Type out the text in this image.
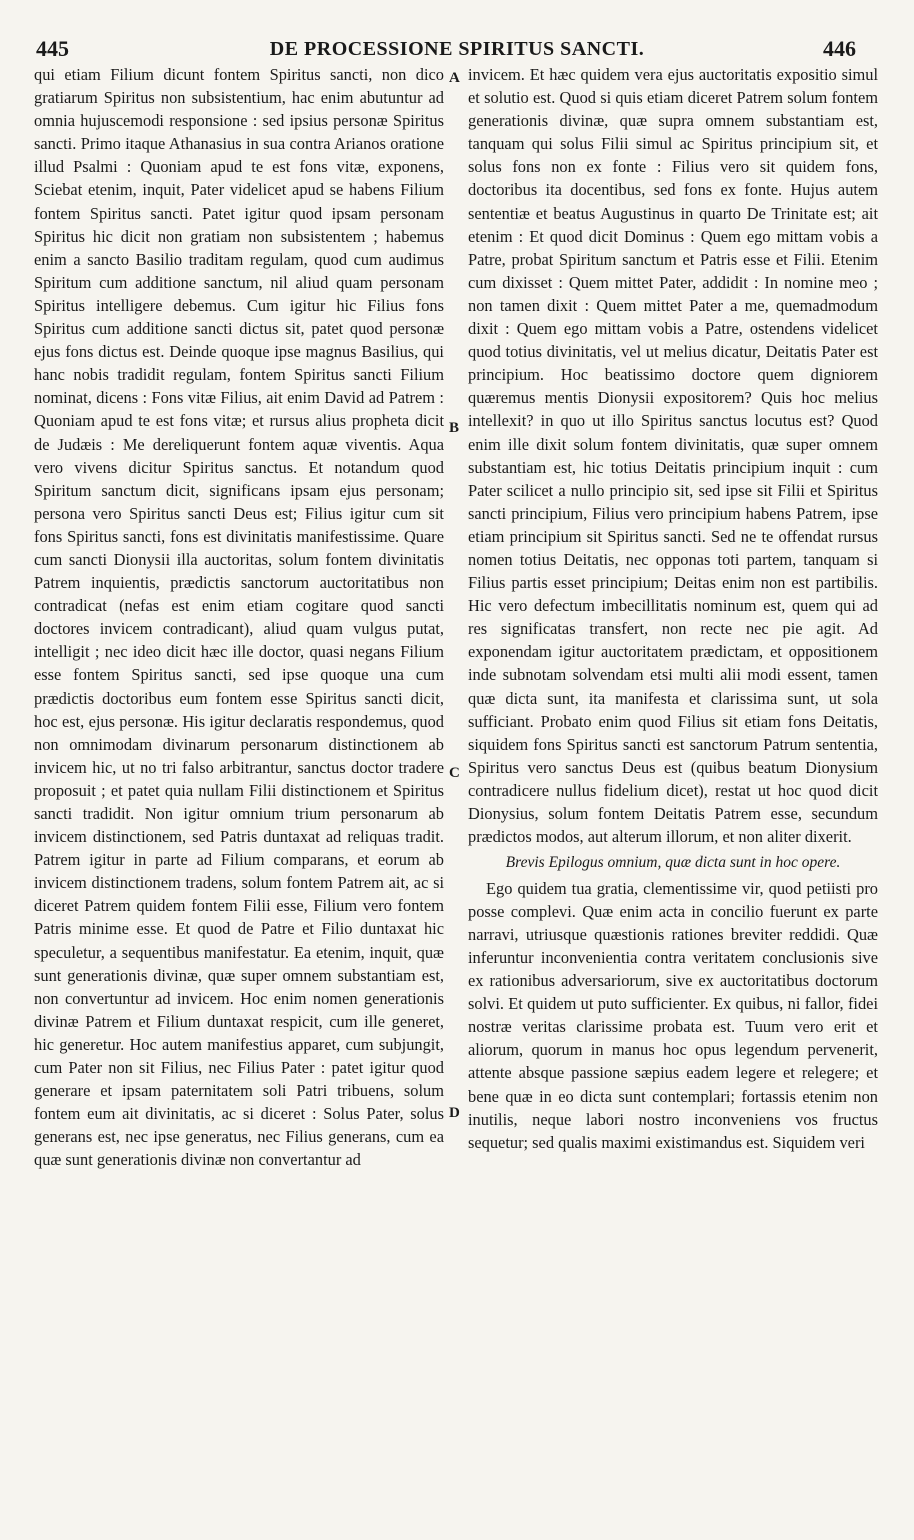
445	DE PROCESSIONE SPIRITUS SANCTI.	446

qui etiam Filium dicunt fontem Spiritus sancti, non dico gratiarum Spiritus non subsistentium, hac enim abutuntur ad omnia hujuscemodi responsione : sed ipsius personæ Spiritus sancti. Primo itaque Athanasius in sua contra Arianos oratione illud Psalmi : Quoniam apud te est fons vitæ, exponens, Sciebat etenim, inquit, Pater videlicet apud se habens Filium fontem Spiritus sancti. Patet igitur quod ipsam personam Spiritus hic dicit non gratiam non subsistentem ; habemus enim a sancto Basilio traditam regulam, quod cum audimus Spiritum cum additione sanctum, nil aliud quam personam Spiritus intelligere debemus. Cum igitur hic Filius fons Spiritus cum additione sancti dictus sit, patet quod personæ ejus fons dictus est. Deinde quoque ipse magnus Basilius, qui hanc nobis tradidit regulam, fontem Spiritus sancti Filium nominat, dicens : Fons vitæ Filius, ait enim David ad Patrem : Quoniam apud te est fons vitæ; et rursus alius propheta dicit de Judæis : Me dereliquerunt fontem aquæ viventis. Aqua vero vivens dicitur Spiritus sanctus. Et notandum quod Spiritum sanctum dicit, significans ipsam ejus personam; persona vero Spiritus sancti Deus est; Filius igitur cum sit fons Spiritus sancti, fons est divinitatis manifestissime. Quare cum sancti Dionysii illa auctoritas, solum fontem divinitatis Patrem inquientis, prædictis sanctorum auctoritatibus non contradicat (nefas est enim etiam cogitare quod sancti doctores invicem contradicant), aliud quam vulgus putat, intelligit ; nec ideo dicit hæc ille doctor, quasi negans Filium esse fontem Spiritus sancti, sed ipse quoque una cum prædictis doctoribus eum fontem esse Spiritus sancti dicit, hoc est, ejus personæ. His igitur declaratis respondemus, quod non omnimodam divinarum personarum distinctionem ab invicem hic, ut no tri falso arbitrantur, sanctus doctor tradere proposuit ; et patet quia nullam Filii distinctionem et Spiritus sancti tradidit. Non igitur omnium trium personarum ab invicem distinctionem, sed Patris duntaxat ad reliquas tradit. Patrem igitur in parte ad Filium comparans, et eorum ab invicem distinctionem tradens, solum fontem Patrem ait, ac si diceret Patrem quidem fontem Filii esse, Filium vero fontem Patris minime esse. Et quod de Patre et Filio duntaxat hic speculetur, a sequentibus manifestatur. Ea etenim, inquit, quæ sunt generationis divinæ, quæ super omnem substantiam est, non convertuntur ad invicem. Hoc enim nomen generationis divinæ Patrem et Filium duntaxat respicit, cum ille generet, hic generetur. Hoc autem manifestius apparet, cum subjungit, cum Pater non sit Filius, nec Filius Pater : patet igitur quod generare et ipsam paternitatem soli Patri tribuens, solum fontem eum ait divinitatis, ac si diceret : Solus Pater, solus generans est, nec ipse generatus, nec Filius generans, cum ea quæ sunt generationis divinæ non convertantur ad

invicem. Et hæc quidem vera ejus auctoritatis expositio simul et solutio est. Quod si quis etiam diceret Patrem solum fontem generationis divinæ, quæ supra omnem substantiam est, tanquam qui solus Filii simul ac Spiritus principium sit, et solus fons non ex fonte : Filius vero sit quidem fons, doctoribus ita docentibus, sed fons ex fonte. Hujus autem sententiæ et beatus Augustinus in quarto De Trinitate est; ait etenim : Et quod dicit Dominus : Quem ego mittam vobis a Patre, probat Spiritum sanctum et Patris esse et Filii. Etenim cum dixisset : Quem mittet Pater, addidit : In nomine meo ; non tamen dixit : Quem mittet Pater a me, quemadmodum dixit : Quem ego mittam vobis a Patre, ostendens videlicet quod totius divinitatis, vel ut melius dicatur, Deitatis Pater est principium. Hoc beatissimo doctore quem digniorem quæremus mentis Dionysii expositorem? Quis hoc melius intellexit? in quo ut illo Spiritus sanctus locutus est? Quod enim ille dixit solum fontem divinitatis, quæ super omnem substantiam est, hic totius Deitatis principium inquit : cum Pater scilicet a nullo principio sit, sed ipse sit Filii et Spiritus sancti principium, Filius vero principium habens Patrem, ipse etiam principium sit Spiritus sancti. Sed ne te offendat rursus nomen totius Deitatis, nec opponas toti partem, tanquam si Filius partis esset principium; Deitas enim non est partibilis. Hic vero defectum imbecillitatis nominum est, quem qui ad res significatas transfert, non recte nec pie agit. Ad exponendam igitur auctoritatem prædictam, et oppositionem inde subnotam solvendam etsi multi alii modi essent, tamen quæ dicta sunt, ita manifesta et clarissima sunt, ut sola sufficiant. Probato enim quod Filius sit etiam fons Deitatis, siquidem fons Spiritus sancti est sanctorum Patrum sententia, Spiritus vero sanctus Deus est (quibus beatum Dionysium contradicere nullus fidelium dicet), restat ut hoc quod dicit Dionysius, solum fontem Deitatis Patrem esse, secundum prædictos modos, aut alterum illorum, et non aliter dixerit.

Brevis Epilogus omnium, quæ dicta sunt in hoc opere.

Ego quidem tua gratia, clementissime vir, quod petiisti pro posse complevi. Quæ enim acta in concilio fuerunt ex parte narravi, utriusque quæstionis rationes breviter reddidi. Quæ inferuntur inconvenientia contra veritatem conclusionis sive ex rationibus adversariorum, sive ex auctoritatibus doctorum solvi. Et quidem ut puto sufficienter. Ex quibus, ni fallor, fidei nostræ veritas clarissime probata est. Tuum vero erit et aliorum, quorum in manus hoc opus legendum pervenerit, attente absque passione sæpius eadem legere et relegere; et bene quæ in eo dicta sunt contemplari; fortassis etenim non inutilis, neque labori nostro inconveniens vos fructus sequetur; sed qualis maximi existimandus est. Siquidem veri

A
B
C
D
